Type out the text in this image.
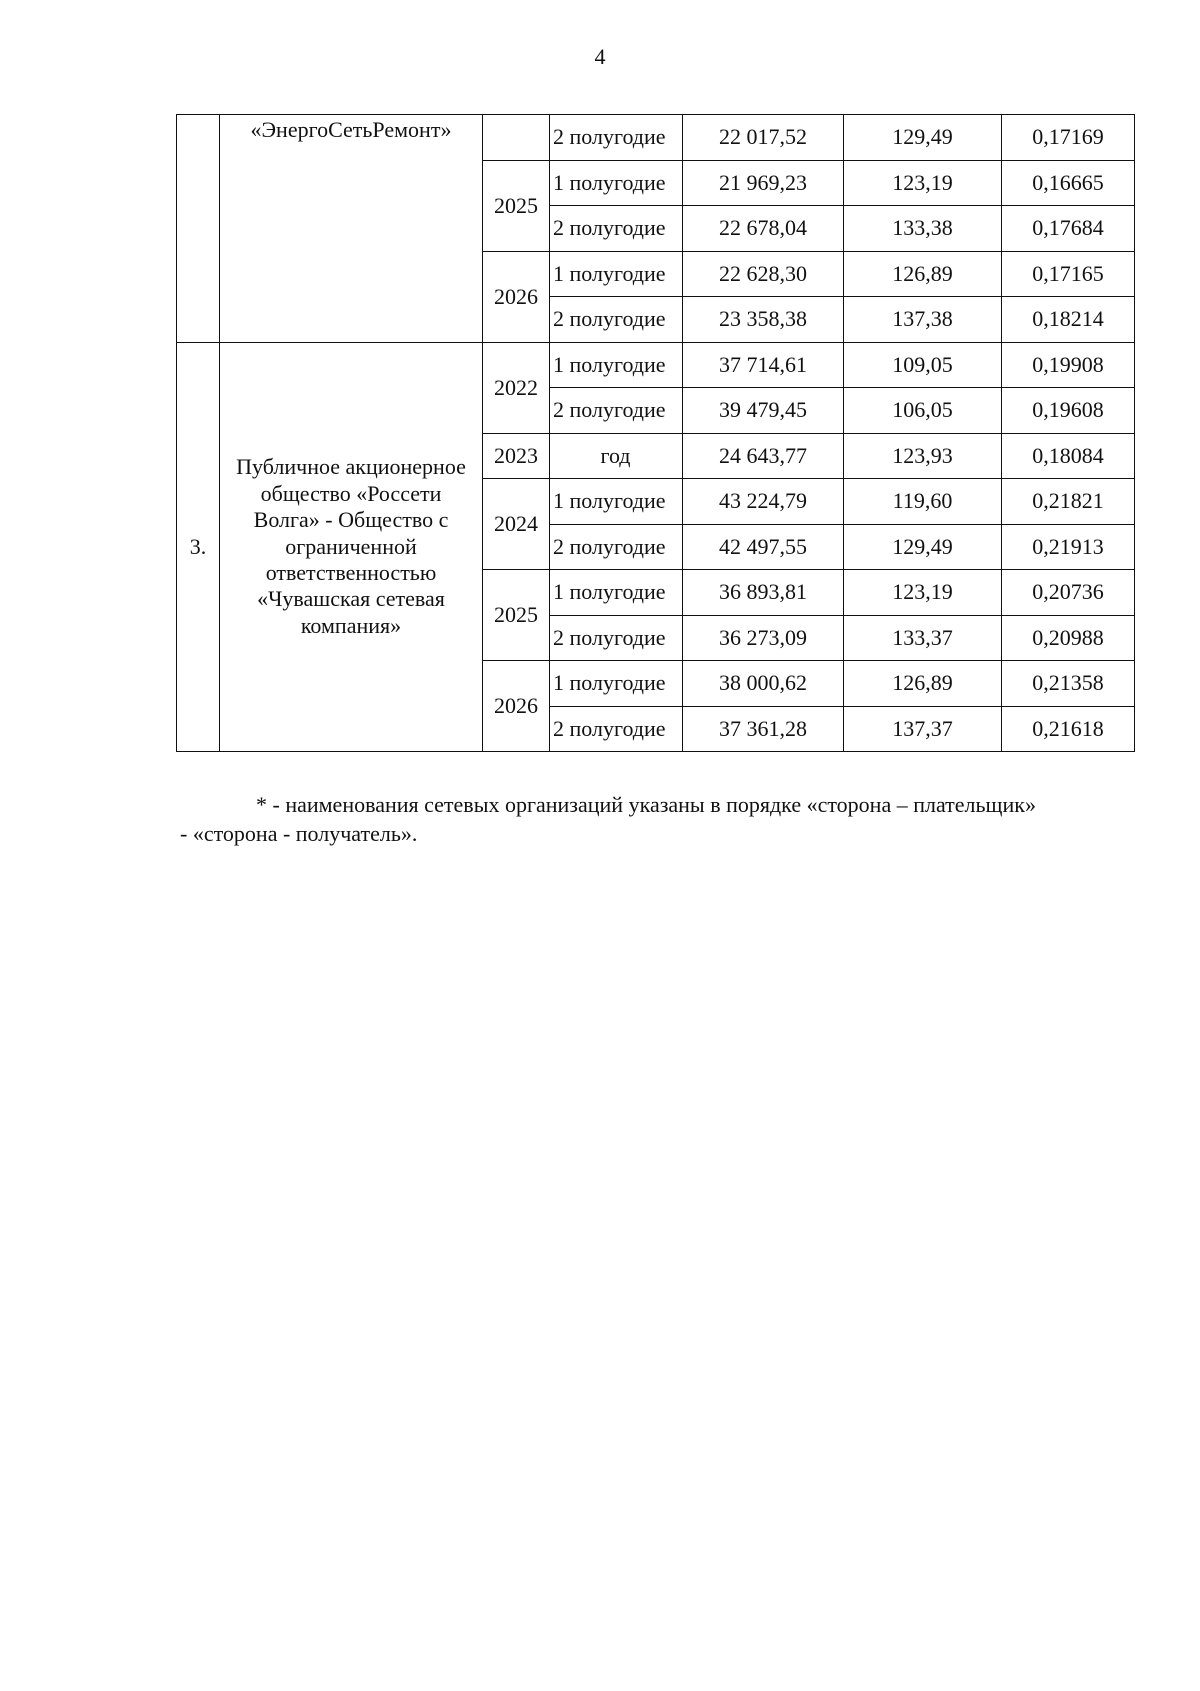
4
	«ЭнергоСетьРемонт»		2 полугодие	22 017,52	129,49	0,17169
		2025	1 полугодие	21 969,23	123,19	0,16665
			2 полугодие	22 678,04	133,38	0,17684
		2026	1 полугодие	22 628,30	126,89	0,17165
			2 полугодие	23 358,38	137,38	0,18214
3.	Публичное акционерное общество «Россети Волга» - Общество с ограниченной ответственностью «Чувашская сетевая компания»	2022	1 полугодие	37 714,61	109,05	0,19908
			2 полугодие	39 479,45	106,05	0,19608
		2023	год	24 643,77	123,93	0,18084
		2024	1 полугодие	43 224,79	119,60	0,21821
			2 полугодие	42 497,55	129,49	0,21913
		2025	1 полугодие	36 893,81	123,19	0,20736
			2 полугодие	36 273,09	133,37	0,20988
		2026	1 полугодие	38 000,62	126,89	0,21358
			2 полугодие	37 361,28	137,37	0,21618
* - наименования сетевых организаций указаны в порядке «сторона – плательщик»
- «сторона - получатель».
